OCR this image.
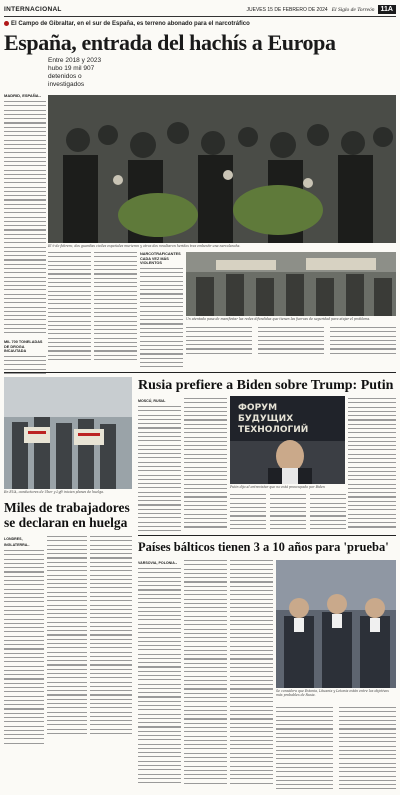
INTERNACIONAL	JUEVES 15 DE FEBRERO DE 2024 El Siglo de Torreón 11A
El Campo de Gibraltar, en el sur de España, es terreno abonado para el narcotráfico
España, entrada del hachís a Europa
Entre 2018 y 2023 hubo 19 mil 907 detenidos o investigados
MADRID, ESPAÑA.-
MIL 700 TONELADAS DE DROGA INCAUTADA
El 9 de febrero, dos guardias civiles españoles murieron y otros dos resultaron heridos tras embestir una narcolancha.
NARCOTRAFICANTES CADA VEZ MÁS VIOLENTOS
Un atentado pasa de manifestar las redes difundidas que tienen las fuerzas de seguridad para atajar el problema.
En EUA, conductores de Uber y Lyft inician planes de huelga.
Miles de trabajadores
se declaran en huelga
LONDRES, INGLATERRA.-
Rusia prefiere a Biden sobre Trump: Putin
MOSCÚ, RUSIA.
ФОРУМ
БУДУЩИХ
ТЕХНОЛОГИЙ
Putin dijo al entrevistar que no está preocupado por Biden
Países bálticos tienen 3 a 10 años para 'prueba'
VARSOVIA, POLONIA.-
Se considera que Estonia, Lituania y Letonia están entre los objetivos más probables de Rusia.
